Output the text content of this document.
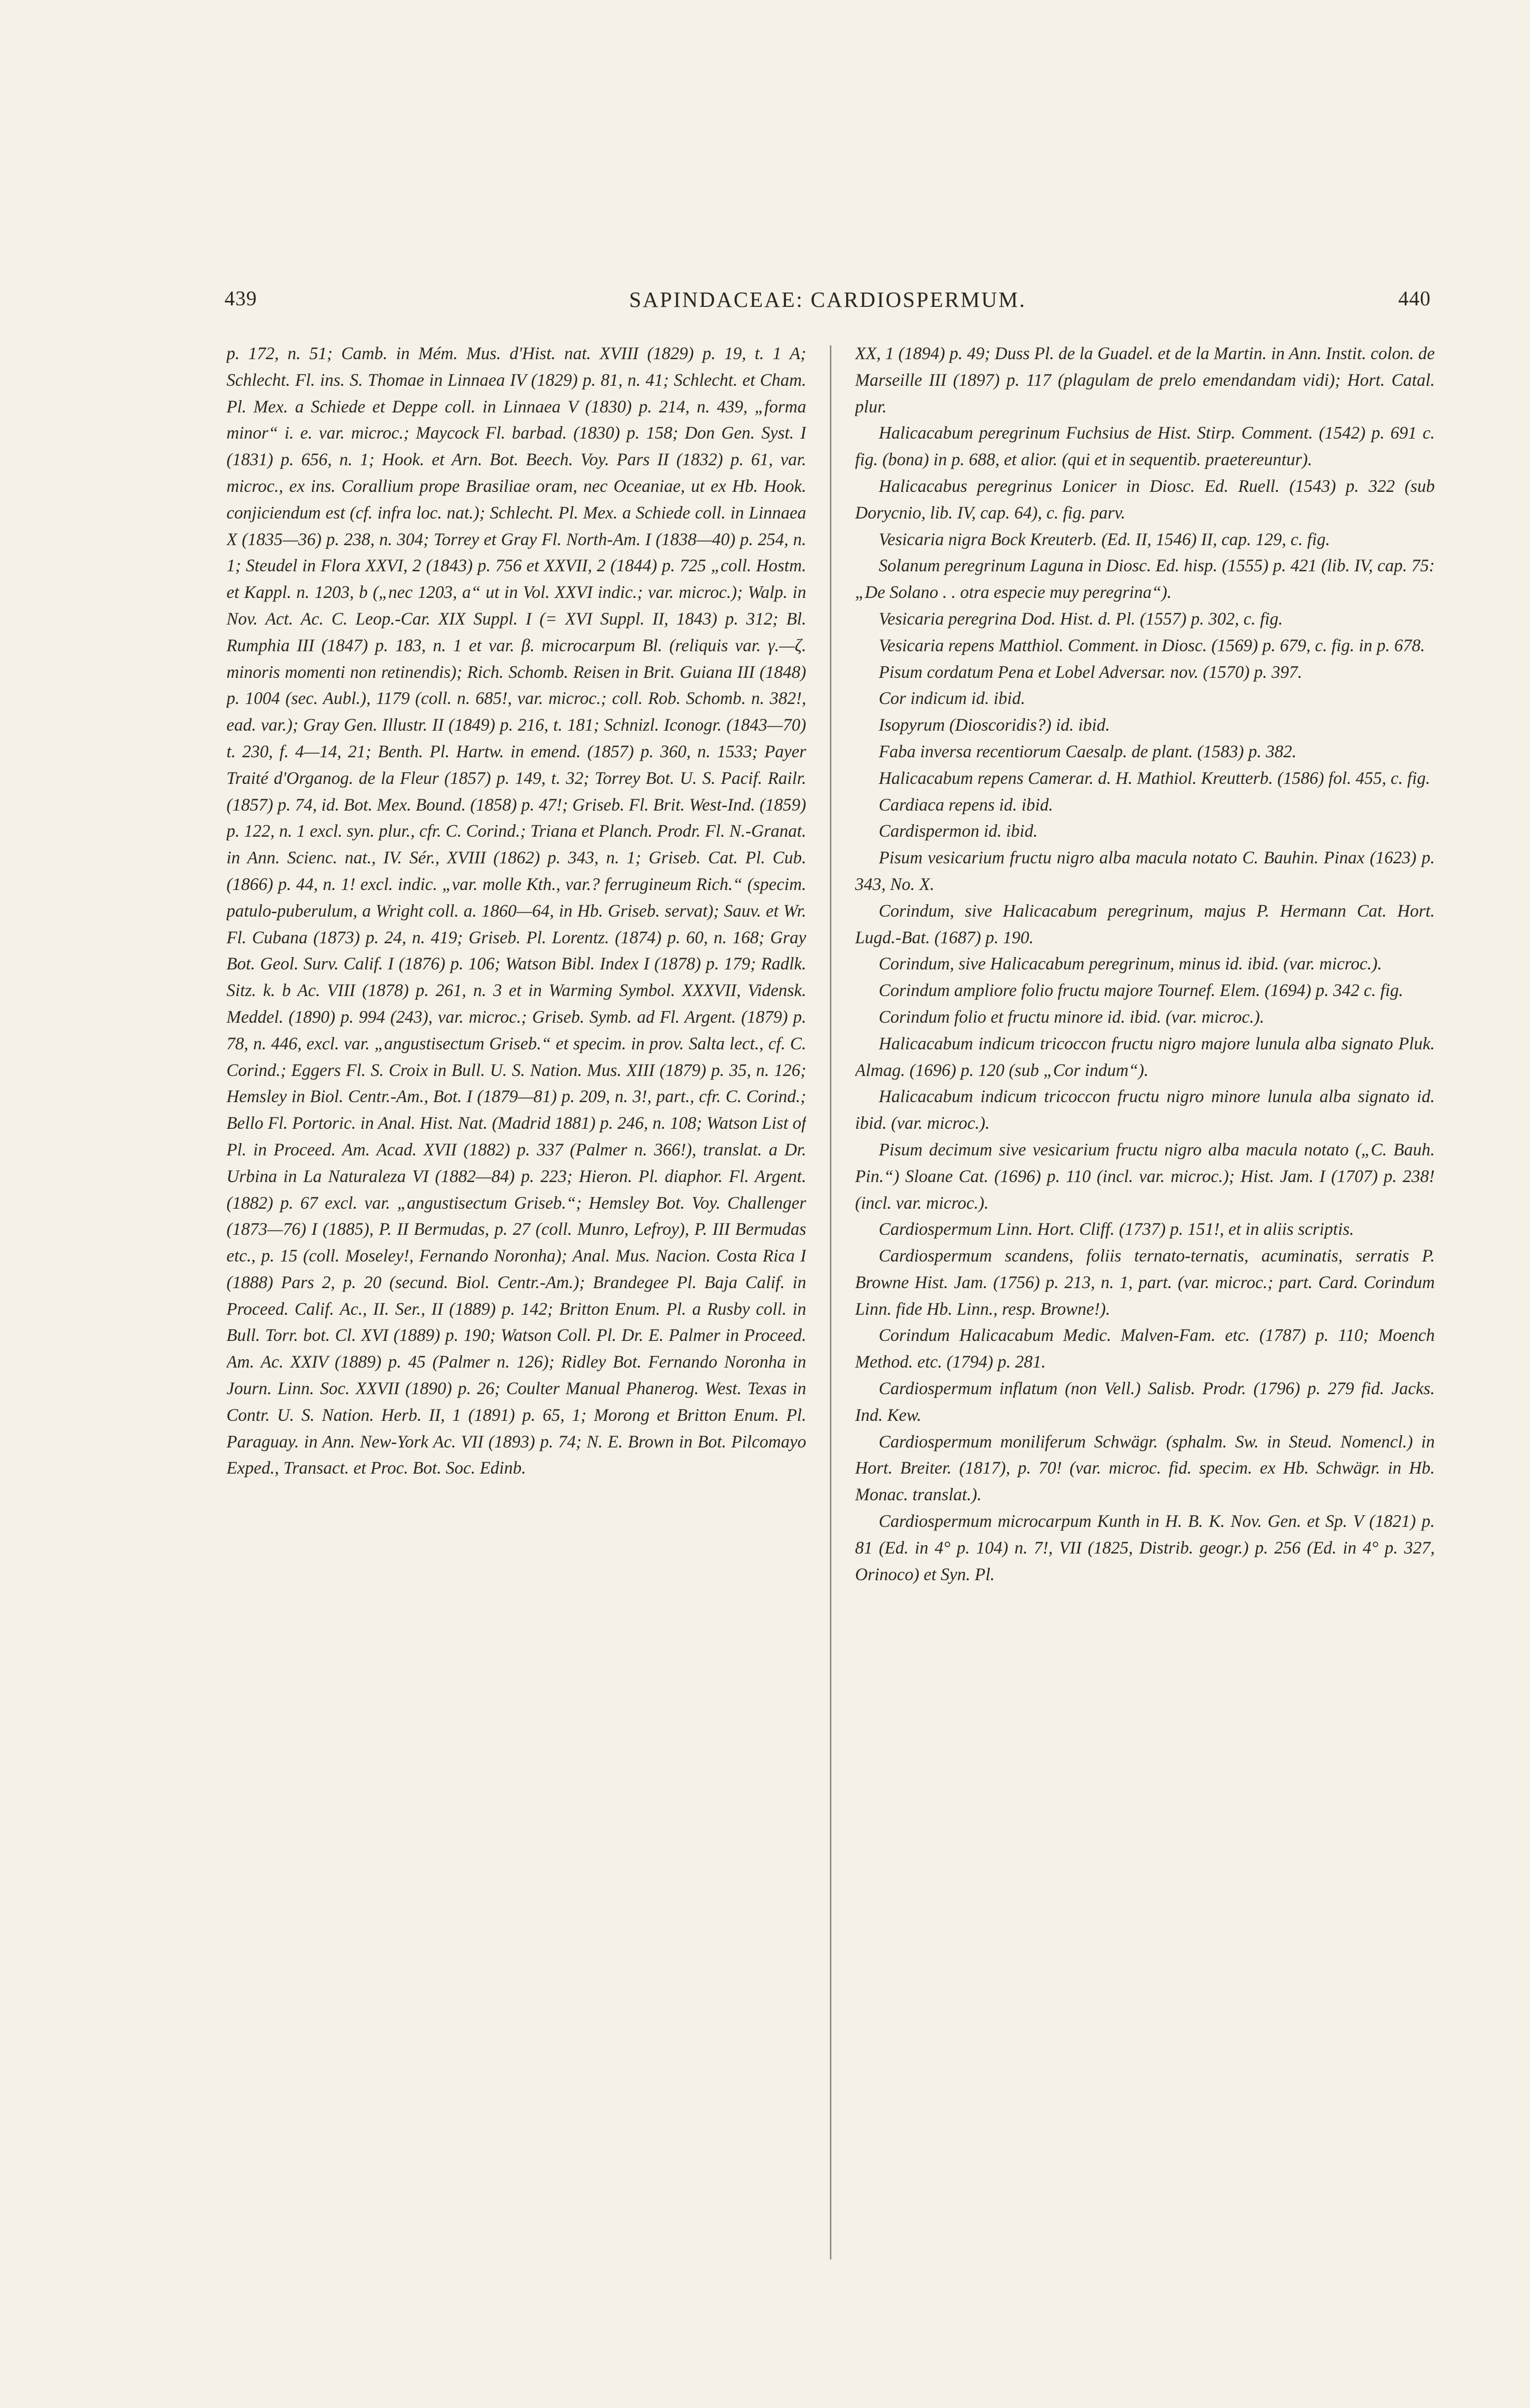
439	SAPINDACEAE: CARDIOSPERMUM.	440

p. 172, n. 51; Camb. in Mém. Mus. d'Hist. nat. XVIII (1829) p. 19, t. 1 A; Schlecht. Fl. ins. S. Thomae in Linnaea IV (1829) p. 81, n. 41; Schlecht. et Cham. Pl. Mex. a Schiede et Deppe coll. in Linnaea V (1830) p. 214, n. 439, „forma minor“ i. e. var. microc.; Maycock Fl. barbad. (1830) p. 158; Don Gen. Syst. I (1831) p. 656, n. 1; Hook. et Arn. Bot. Beech. Voy. Pars II (1832) p. 61, var. microc., ex ins. Corallium prope Brasiliae oram, nec Oceaniae, ut ex Hb. Hook. conjiciendum est (cf. infra loc. nat.); Schlecht. Pl. Mex. a Schiede coll. in Linnaea X (1835—36) p. 238, n. 304; Torrey et Gray Fl. North-Am. I (1838—40) p. 254, n. 1; Steudel in Flora XXVI, 2 (1843) p. 756 et XXVII, 2 (1844) p. 725 „coll. Hostm. et Kappl. n. 1203, b („nec 1203, a“ ut in Vol. XXVI indic.; var. microc.); Walp. in Nov. Act. Ac. C. Leop.-Car. XIX Suppl. I (= XVI Suppl. II, 1843) p. 312; Bl. Rumphia III (1847) p. 183, n. 1 et var. β. microcarpum Bl. (reliquis var. γ.—ζ. minoris momenti non retinendis); Rich. Schomb. Reisen in Brit. Guiana III (1848) p. 1004 (sec. Aubl.), 1179 (coll. n. 685!, var. microc.; coll. Rob. Schomb. n. 382!, ead. var.); Gray Gen. Illustr. II (1849) p. 216, t. 181; Schnizl. Iconogr. (1843—70) t. 230, f. 4—14, 21; Benth. Pl. Hartw. in emend. (1857) p. 360, n. 1533; Payer Traité d'Organog. de la Fleur (1857) p. 149, t. 32; Torrey Bot. U. S. Pacif. Railr. (1857) p. 74, id. Bot. Mex. Bound. (1858) p. 47!; Griseb. Fl. Brit. West-Ind. (1859) p. 122, n. 1 excl. syn. plur., cfr. C. Corind.; Triana et Planch. Prodr. Fl. N.-Granat. in Ann. Scienc. nat., IV. Sér., XVIII (1862) p. 343, n. 1; Griseb. Cat. Pl. Cub. (1866) p. 44, n. 1! excl. indic. „var. molle Kth., var.? ferrugineum Rich.“ (specim. patulo-puberulum, a Wright coll. a. 1860—64, in Hb. Griseb. servat); Sauv. et Wr. Fl. Cubana (1873) p. 24, n. 419; Griseb. Pl. Lorentz. (1874) p. 60, n. 168; Gray Bot. Geol. Surv. Calif. I (1876) p. 106; Watson Bibl. Index I (1878) p. 179; Radlk. Sitz. k. b Ac. VIII (1878) p. 261, n. 3 et in Warming Symbol. XXXVII, Vidensk. Meddel. (1890) p. 994 (243), var. microc.; Griseb. Symb. ad Fl. Argent. (1879) p. 78, n. 446, excl. var. „angustisectum Griseb.“ et specim. in prov. Salta lect., cf. C. Corind.; Eggers Fl. S. Croix in Bull. U. S. Nation. Mus. XIII (1879) p. 35, n. 126; Hemsley in Biol. Centr.-Am., Bot. I (1879—81) p. 209, n. 3!, part., cfr. C. Corind.; Bello Fl. Portoric. in Anal. Hist. Nat. (Madrid 1881) p. 246, n. 108; Watson List of Pl. in Proceed. Am. Acad. XVII (1882) p. 337 (Palmer n. 366!), translat. a Dr. Urbina in La Naturaleza VI (1882—84) p. 223; Hieron. Pl. diaphor. Fl. Argent. (1882) p. 67 excl. var. „angustisectum Griseb.“; Hemsley Bot. Voy. Challenger (1873—76) I (1885), P. II Bermudas, p. 27 (coll. Munro, Lefroy), P. III Bermudas etc., p. 15 (coll. Moseley!, Fernando Noronha); Anal. Mus. Nacion. Costa Rica I (1888) Pars 2, p. 20 (secund. Biol. Centr.-Am.); Brandegee Pl. Baja Calif. in Proceed. Calif. Ac., II. Ser., II (1889) p. 142; Britton Enum. Pl. a Rusby coll. in Bull. Torr. bot. Cl. XVI (1889) p. 190; Watson Coll. Pl. Dr. E. Palmer in Proceed. Am. Ac. XXIV (1889) p. 45 (Palmer n. 126); Ridley Bot. Fernando Noronha in Journ. Linn. Soc. XXVII (1890) p. 26; Coulter Manual Phanerog. West. Texas in Contr. U. S. Nation. Herb. II, 1 (1891) p. 65, 1; Morong et Britton Enum. Pl. Paraguay. in Ann. New-York Ac. VII (1893) p. 74; N. E. Brown in Bot. Pilcomayo Exped., Transact. et Proc. Bot. Soc. Edinb.

XX, 1 (1894) p. 49; Duss Pl. de la Guadel. et de la Martin. in Ann. Instit. colon. de Marseille III (1897) p. 117 (plagulam de prelo emendandam vidi); Hort. Catal. plur.

Halicacabum peregrinum Fuchsius de Hist. Stirp. Comment. (1542) p. 691 c. fig. (bona) in p. 688, et alior. (qui et in sequentib. praetereuntur).

Halicacabus peregrinus Lonicer in Diosc. Ed. Ruell. (1543) p. 322 (sub Dorycnio, lib. IV, cap. 64), c. fig. parv.

Vesicaria nigra Bock Kreuterb. (Ed. II, 1546) II, cap. 129, c. fig.

Solanum peregrinum Laguna in Diosc. Ed. hisp. (1555) p. 421 (lib. IV, cap. 75: „De Solano . . otra especie muy peregrina“).

Vesicaria peregrina Dod. Hist. d. Pl. (1557) p. 302, c. fig.

Vesicaria repens Matthiol. Comment. in Diosc. (1569) p. 679, c. fig. in p. 678.

Pisum cordatum Pena et Lobel Adversar. nov. (1570) p. 397.

Cor indicum id. ibid.

Isopyrum (Dioscoridis?) id. ibid.

Faba inversa recentiorum Caesalp. de plant. (1583) p. 382.

Halicacabum repens Camerar. d. H. Mathiol. Kreutterb. (1586) fol. 455, c. fig.

Cardiaca repens id. ibid.

Cardispermon id. ibid.

Pisum vesicarium fructu nigro alba macula notato C. Bauhin. Pinax (1623) p. 343, No. X.

Corindum, sive Halicacabum peregrinum, majus P. Hermann Cat. Hort. Lugd.-Bat. (1687) p. 190.

Corindum, sive Halicacabum peregrinum, minus id. ibid. (var. microc.).

Corindum ampliore folio fructu majore Tournef. Elem. (1694) p. 342 c. fig.

Corindum folio et fructu minore id. ibid. (var. microc.).

Halicacabum indicum tricoccon fructu nigro majore lunula alba signato Pluk. Almag. (1696) p. 120 (sub „Cor indum“).

Halicacabum indicum tricoccon fructu nigro minore lunula alba signato id. ibid. (var. microc.).

Pisum decimum sive vesicarium fructu nigro alba macula notato („C. Bauh. Pin.“) Sloane Cat. (1696) p. 110 (incl. var. microc.); Hist. Jam. I (1707) p. 238! (incl. var. microc.).

Cardiospermum Linn. Hort. Cliff. (1737) p. 151!, et in aliis scriptis.

Cardiospermum scandens, foliis ternato-ternatis, acuminatis, serratis P. Browne Hist. Jam. (1756) p. 213, n. 1, part. (var. microc.; part. Card. Corindum Linn. fide Hb. Linn., resp. Browne!).

Corindum Halicacabum Medic. Malven-Fam. etc. (1787) p. 110; Moench Method. etc. (1794) p. 281.

Cardiospermum inflatum (non Vell.) Salisb. Prodr. (1796) p. 279 fid. Jacks. Ind. Kew.

Cardiospermum moniliferum Schwägr. (sphalm. Sw. in Steud. Nomencl.) in Hort. Breiter. (1817), p. 70! (var. microc. fid. specim. ex Hb. Schwägr. in Hb. Monac. translat.).

Cardiospermum microcarpum Kunth in H. B. K. Nov. Gen. et Sp. V (1821) p. 81 (Ed. in 4° p. 104) n. 7!, VII (1825, Distrib. geogr.) p. 256 (Ed. in 4° p. 327, Orinoco) et Syn. Pl.
